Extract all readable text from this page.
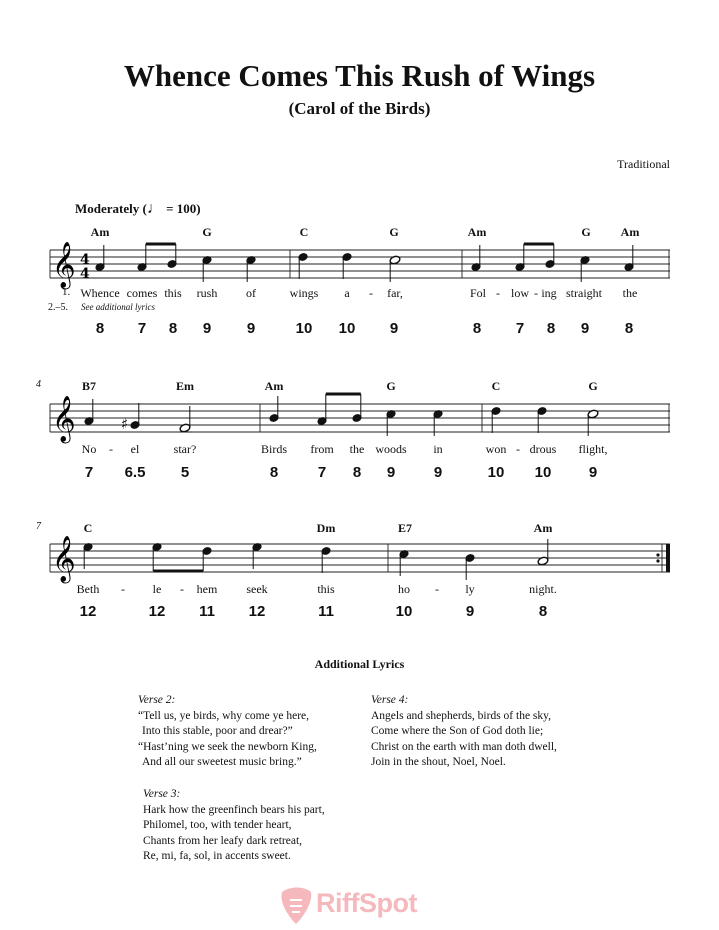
Whence Comes This Rush of Wings
(Carol of the Birds)
Traditional
Moderately (♩ = 100)
𝄞 4
4
Am	G	C	G	Am	G Am
1.
2.–5. See additional lyrics
Whence comes this rush of	wings a - far,	Fol - low - ing straight the
8 7 8 9 9	10 10 9	8 7 8 9 8
𝄞	♯
4	B7	Em	Am	G	C	G
No - el	star?	Birds from the woods in	won - drous flight,
7 6.5 5	8	7 8 9	9	10 10 9
𝄞
7	C	Dm	E7	Am
Beth - le - hem seek	this	ho - ly	night.
12	12 11 12	11	10	9	8
Additional Lyrics
Verse 2:
“Tell us, ye birds, why come ye here,
Into this stable, poor and drear?”
“Hast’ning we seek the newborn King,
And all our sweetest music bring.”
Verse 3:
Hark how the greenfinch bears his part,
Philomel, too, with tender heart,
Chants from her leafy dark retreat,
Re, mi, fa, sol, in accents sweet.
Verse 4:
Angels and shepherds, birds of the sky,
Come where the Son of God doth lie;
Christ on the earth with man doth dwell,
Join in the shout, Noel, Noel.
RiffSpot
